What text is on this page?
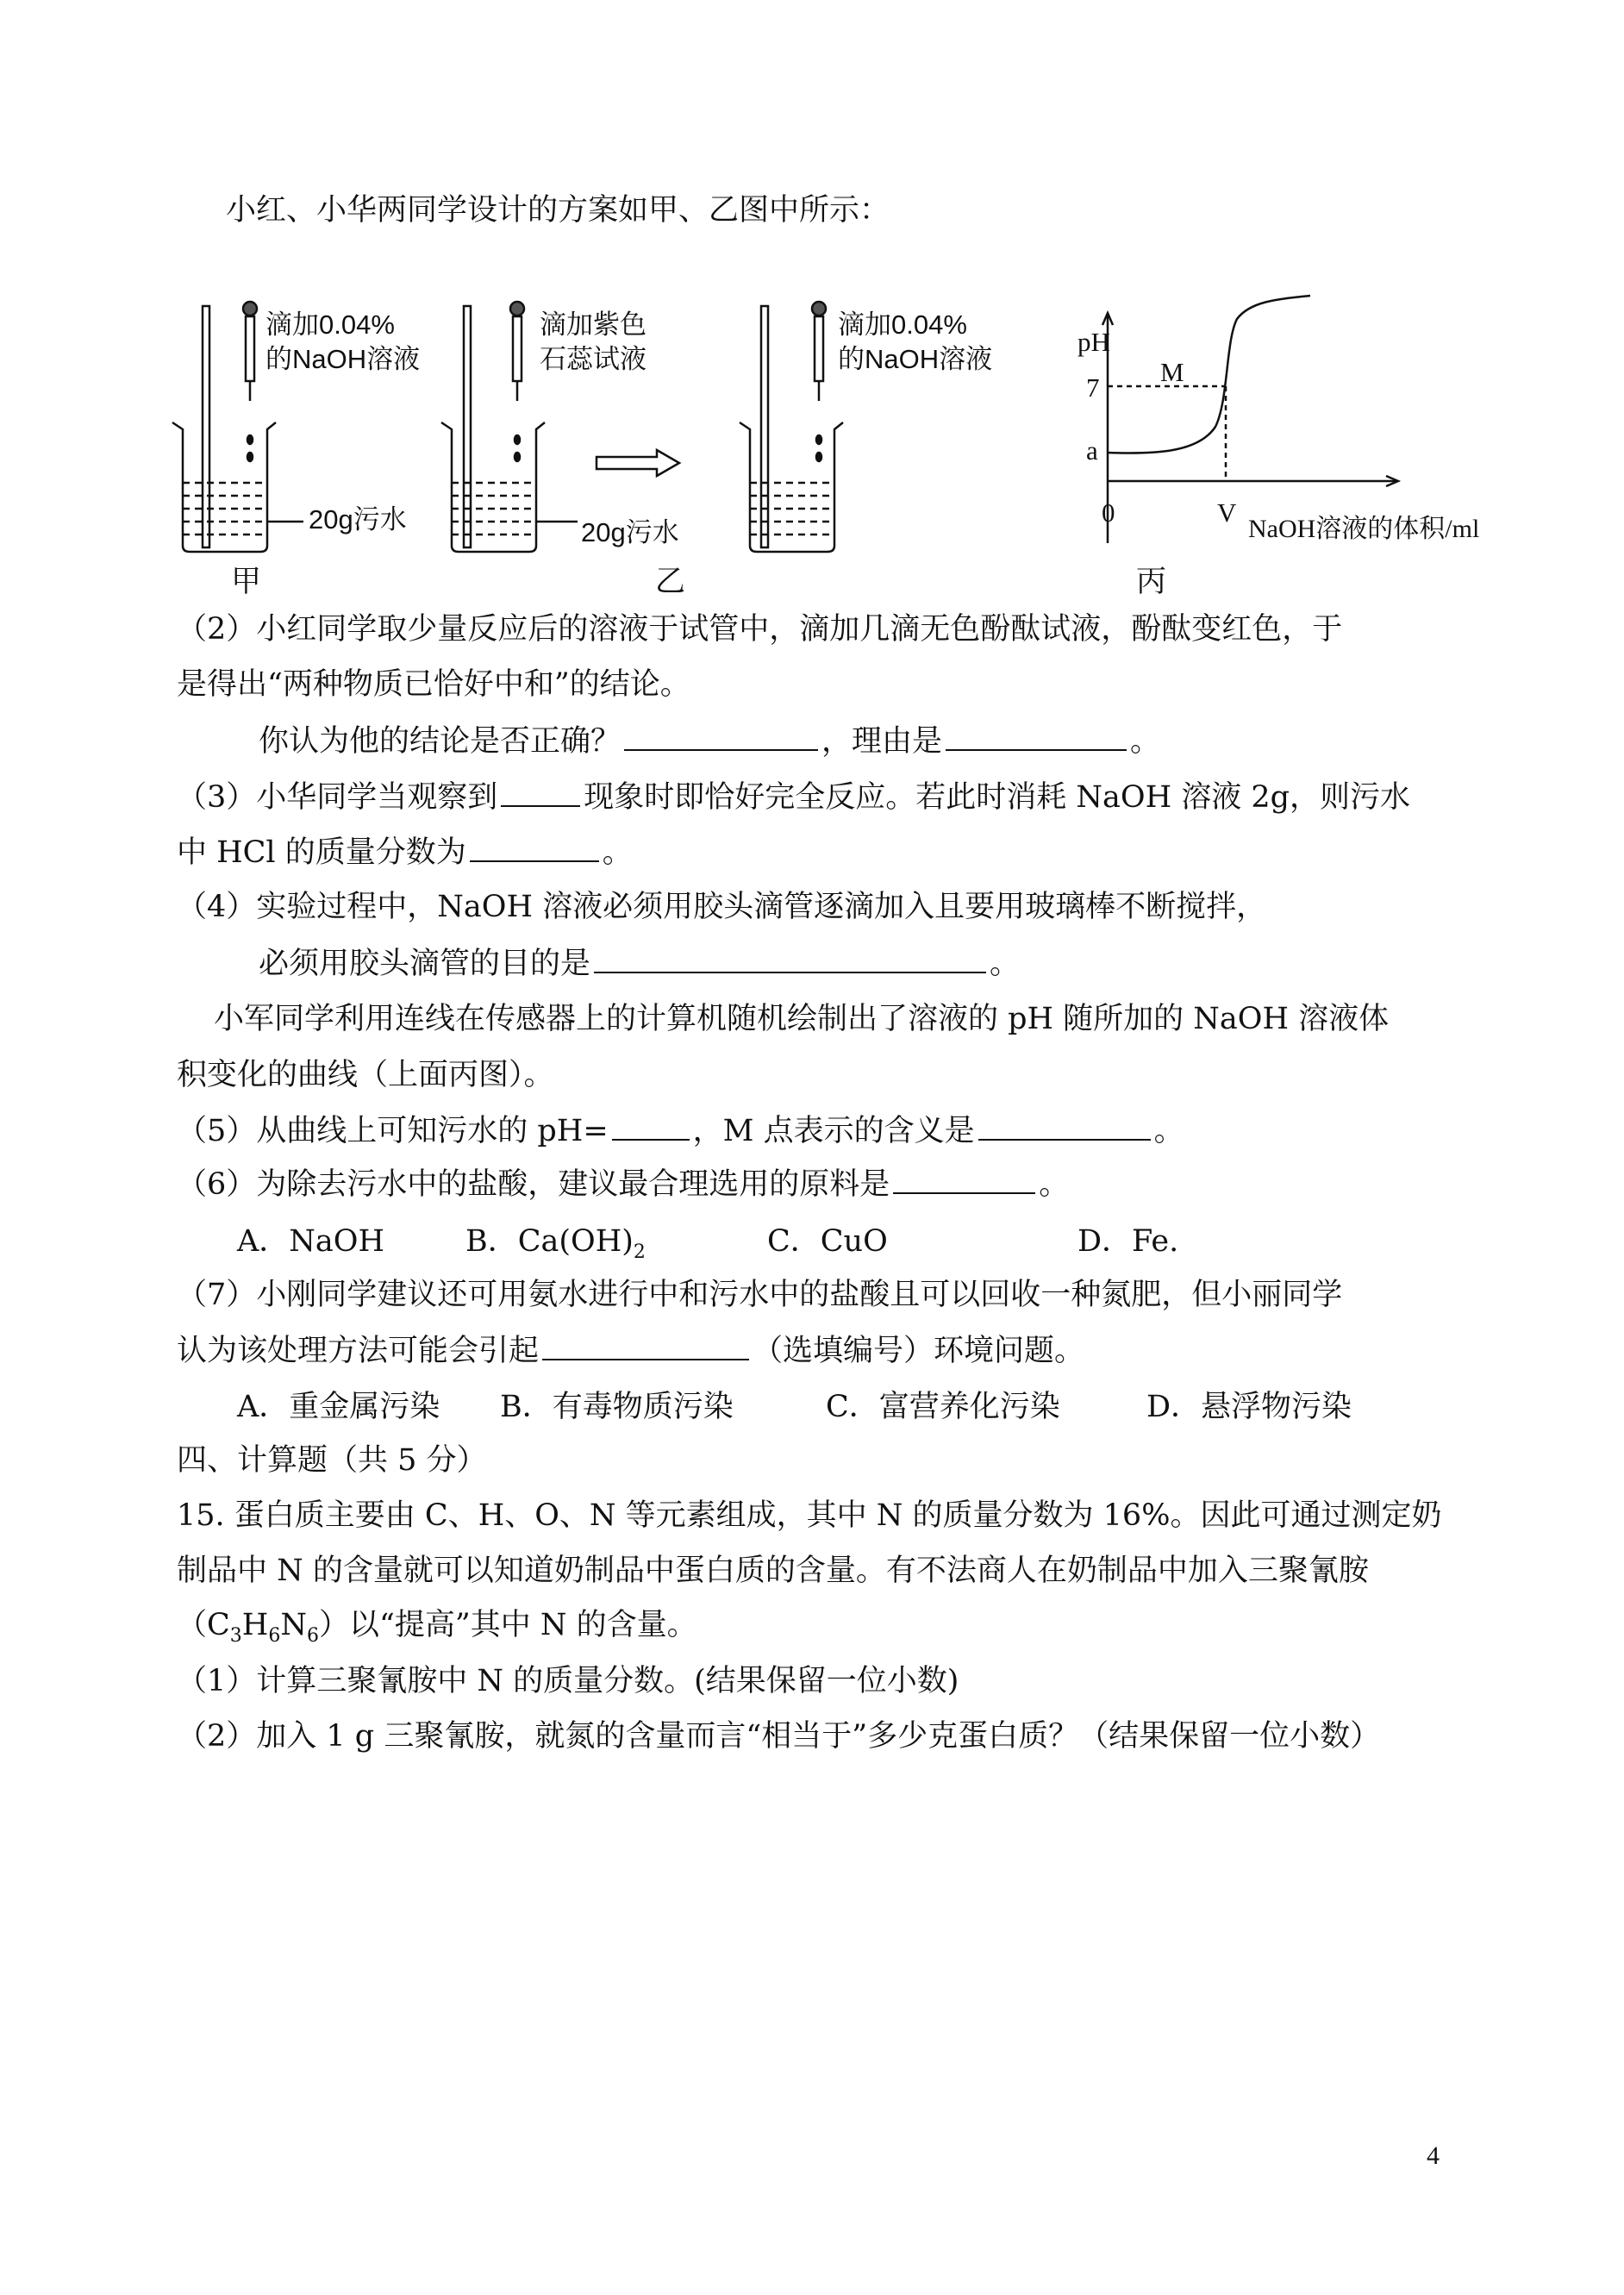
小红、小华两同学设计的方案如甲、乙图中所示：
滴加0.04%
的NaOH溶液
20g污水
滴加紫色
石蕊试液
20g污水
滴加0.04%
的NaOH溶液
pH
7
a
0
M
V
NaOH溶液的体积/ml
甲	乙	丙
（2）小红同学取少量反应后的溶液于试管中，滴加几滴无色酚酞试液，酚酞变红色，于
是得出“两种物质已恰好中和”的结论。
你认为他的结论是否正确？	，理由是	。
（3）小华同学当观察到	现象时即恰好完全反应。若此时消耗 NaOH 溶液 2g，则污水
中 HCl 的质量分数为	。
（4）实验过程中，NaOH 溶液必须用胶头滴管逐滴加入且要用玻璃棒不断搅拌，
必须用胶头滴管的目的是	。
小军同学利用连线在传感器上的计算机随机绘制出了溶液的 pH 随所加的 NaOH 溶液体
积变化的曲线（上面丙图）。
（5）从曲线上可知污水的 pH=	，M 点表示的含义是	。
（6）为除去污水中的盐酸，建议最合理选用的原料是	。
A．NaOH	B．$Ca(OH)_2$	C．CuO	D．Fe.
（7）小刚同学建议还可用氨水进行中和污水中的盐酸且可以回收一种氮肥，但小丽同学
认为该处理方法可能会引起	（选填编号）环境问题。
A．重金属污染 B．有毒物质污染	C．富营养化污染	D．悬浮物污染
四、计算题（共 5 分）
15. 蛋白质主要由 C、H、O、N 等元素组成，其中 N 的质量分数为 16%。因此可通过测定奶
制品中 N 的含量就可以知道奶制品中蛋白质的含量。有不法商人在奶制品中加入三聚氰胺
$(C_3H_6N_6)$以“提高”其中 N 的含量。
（1）计算三聚氰胺中 N 的质量分数。(结果保留一位小数)
（2）加入 1 g 三聚氰胺，就氮的含量而言“相当于”多少克蛋白质？（结果保留一位小数）
4
